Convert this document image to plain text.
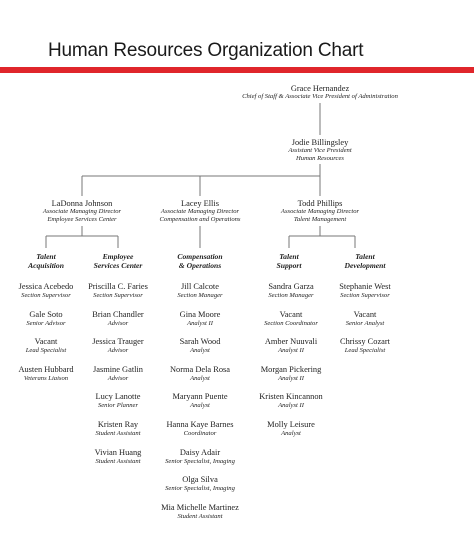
Human Resources Organization Chart
Grace Hernandez
Chief of Staff & Associate Vice President of Administration
Jodie Billingsley
Assistant Vice President
Human Resources
LaDonna Johnson
Associate Managing Director
Employee Services Center
Lacey Ellis
Associate Managing Director
Compensation and Operations
Todd Phillips
Associate Managing Director
Talent Management
Talent
Acquisition
Employee
Services Center
Compensation
& Operations
Talent
Support
Talent
Development
Jessica Acebedo
Section Supervisor
Gale Soto
Senior Advisor
Vacant
Lead Specialist
Austen Hubbard
Veterans Liaison
Priscilla C. Faries
Section Supervisor
Brian Chandler
Advisor
Jessica Trauger
Advisor
Jasmine Gatlin
Advisor
Lucy Lanotte
Senior Planner
Kristen Ray
Student Assistant
Vivian Huang
Student Assistant
Jill Calcote
Section Manager
Gina Moore
Analyst II
Sarah Wood
Analyst
Norma Dela Rosa
Analyst
Maryann Puente
Analyst
Hanna Kaye Barnes
Coordinator
Daisy Adair
Senior Specialist, Imaging
Olga Silva
Senior Specialist, Imaging
Mia Michelle Martinez
Student Assistant
Sandra Garza
Section Manager
Vacant
Section Coordinator
Amber Nuuvali
Analyst II
Morgan Pickering
Analyst II
Kristen Kincannon
Analyst II
Molly Leisure
Analyst
Stephanie West
Section Supervisor
Vacant
Senior Analyst
Chrissy Cozart
Lead Specialist
